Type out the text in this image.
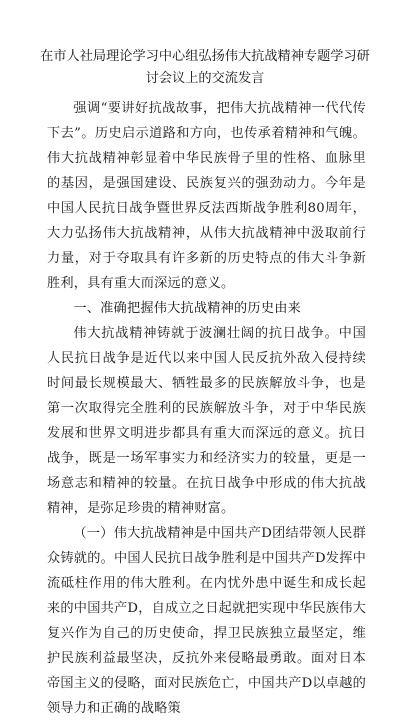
在市人社局理论学习中心组弘扬伟大抗战精神专题学习研讨会议上的交流发言

强调“要讲好抗战故事，把伟大抗战精神一代代传下去”。历史启示道路和方向，也传承着精神和气魄。伟大抗战精神彰显着中华民族骨子里的性格、血脉里的基因，是强国建设、民族复兴的强劲动力。今年是中国人民抗日战争暨世界反法西斯战争胜利80周年，大力弘扬伟大抗战精神，从伟大抗战精神中汲取前行力量，对于夺取具有许多新的历史特点的伟大斗争新胜利，具有重大而深远的意义。

一、准确把握伟大抗战精神的历史由来

伟大抗战精神铸就于波澜壮阔的抗日战争。中国人民抗日战争是近代以来中国人民反抗外敌入侵持续时间最长规模最大、牺牲最多的民族解放斗争，也是第一次取得完全胜利的民族解放斗争，对于中华民族发展和世界文明进步都具有重大而深远的意义。抗日战争，既是一场军事实力和经济实力的较量，更是一场意志和精神的较量。在抗日战争中形成的伟大抗战精神，是弥足珍贵的精神财富。

（一）伟大抗战精神是中国共产D团结带领人民群众铸就的。中国人民抗日战争胜利是中国共产D发挥中流砥柱作用的伟大胜利。在内忧外患中诞生和成长起来的中国共产D，自成立之日起就把实现中华民族伟大复兴作为自己的历史使命，捍卫民族独立最坚定，维护民族利益最坚决，反抗外来侵略最勇敢。面对日本帝国主义的侵略，面对民族危亡，中国共产D以卓越的领导力和正确的战略策
